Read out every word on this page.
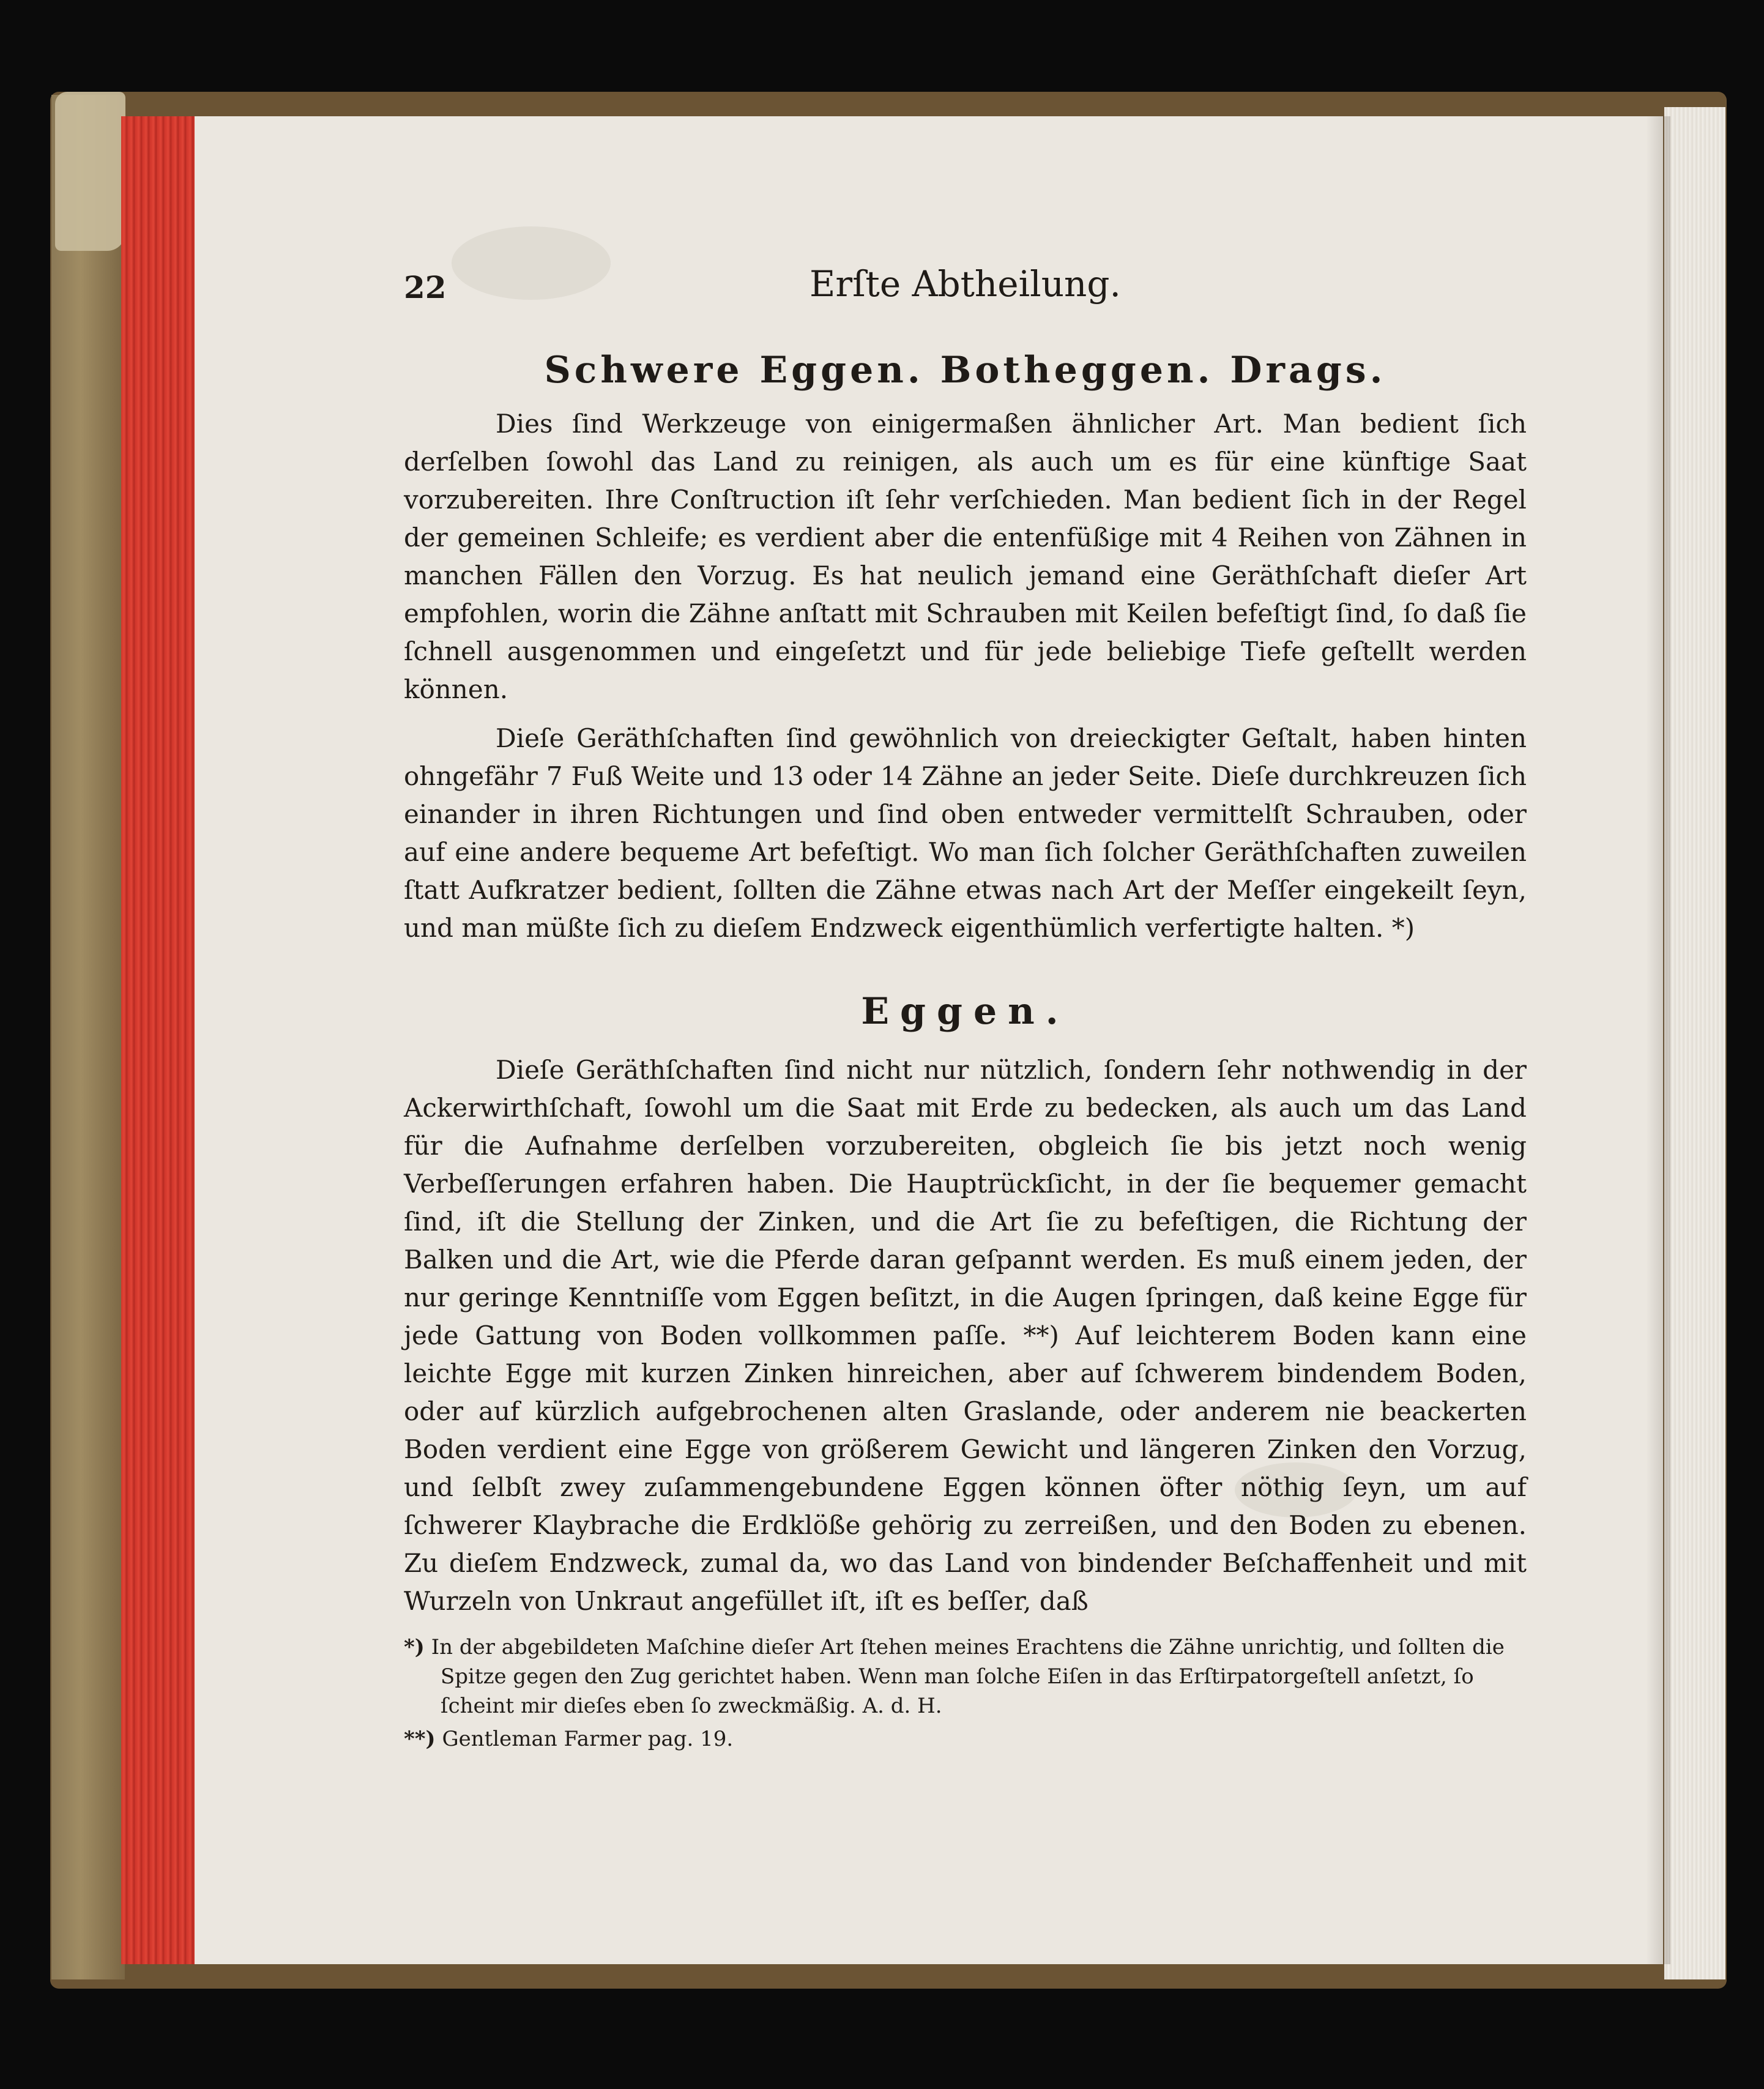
22	Erſte Abtheilung.
Schwere Eggen. Botheggen. Drags.

Dies ſind Werkzeuge von einigermaßen ähnlicher Art. Man bedient ſich derſelben ſowohl das Land zu reinigen, als auch um es für eine künftige Saat vorzubereiten. Ihre Conſtruction iſt ſehr verſchieden. Man bedient ſich in der Regel der gemeinen Schleife; es verdient aber die entenfüßige mit 4 Reihen von Zähnen in manchen Fällen den Vorzug. Es hat neulich jemand eine Geräthſchaft dieſer Art empfohlen, worin die Zähne anſtatt mit Schrauben mit Keilen befeſtigt ſind, ſo daß ſie ſchnell ausgenommen und eingeſetzt und für jede beliebige Tiefe geſtellt werden können.

Dieſe Geräthſchaften ſind gewöhnlich von dreieckigter Geſtalt, haben hinten ohngefähr 7 Fuß Weite und 13 oder 14 Zähne an jeder Seite. Dieſe durchkreuzen ſich einander in ihren Richtungen und ſind oben entweder vermittelſt Schrauben, oder auf eine andere bequeme Art befeſtigt. Wo man ſich ſolcher Geräthſchaften zuweilen ſtatt Aufkratzer bedient, ſollten die Zähne etwas nach Art der Meſſer eingekeilt ſeyn, und man müßte ſich zu dieſem Endzweck eigenthümlich verfertigte halten. *)

Eggen.

Dieſe Geräthſchaften ſind nicht nur nützlich, ſondern ſehr nothwendig in der Ackerwirthſchaft, ſowohl um die Saat mit Erde zu bedecken, als auch um das Land für die Aufnahme derſelben vorzubereiten, obgleich ſie bis jetzt noch wenig Verbeſſerungen erfahren haben. Die Hauptrückſicht, in der ſie bequemer gemacht ſind, iſt die Stellung der Zinken, und die Art ſie zu befeſtigen, die Richtung der Balken und die Art, wie die Pferde daran geſpannt werden. Es muß einem jeden, der nur geringe Kenntniſſe vom Eggen beſitzt, in die Augen ſpringen, daß keine Egge für jede Gattung von Boden vollkommen paſſe. **) Auf leichterem Boden kann eine leichte Egge mit kurzen Zinken hinreichen, aber auf ſchwerem bindendem Boden, oder auf kürzlich aufgebrochenen alten Graslande, oder anderem nie beackerten Boden verdient eine Egge von größerem Gewicht und längeren Zinken den Vorzug, und ſelbſt zwey zuſammengebundene Eggen können öfter nöthig ſeyn, um auf ſchwerer Klaybrache die Erdklöße gehörig zu zerreißen, und den Boden zu ebenen. Zu dieſem Endzweck, zumal da, wo das Land von bindender Beſchaffenheit und mit Wurzeln von Unkraut angefüllet iſt, iſt es beſſer, daß

*) In der abgebildeten Maſchine dieſer Art ſtehen meines Erachtens die Zähne unrichtig, und ſollten die Spitze gegen den Zug gerichtet haben. Wenn man ſolche Eiſen in das Erſtirpatorgeſtell anſetzt, ſo ſcheint mir dieſes eben ſo zweckmäßig. A. d. H.

**) Gentleman Farmer pag. 19.
